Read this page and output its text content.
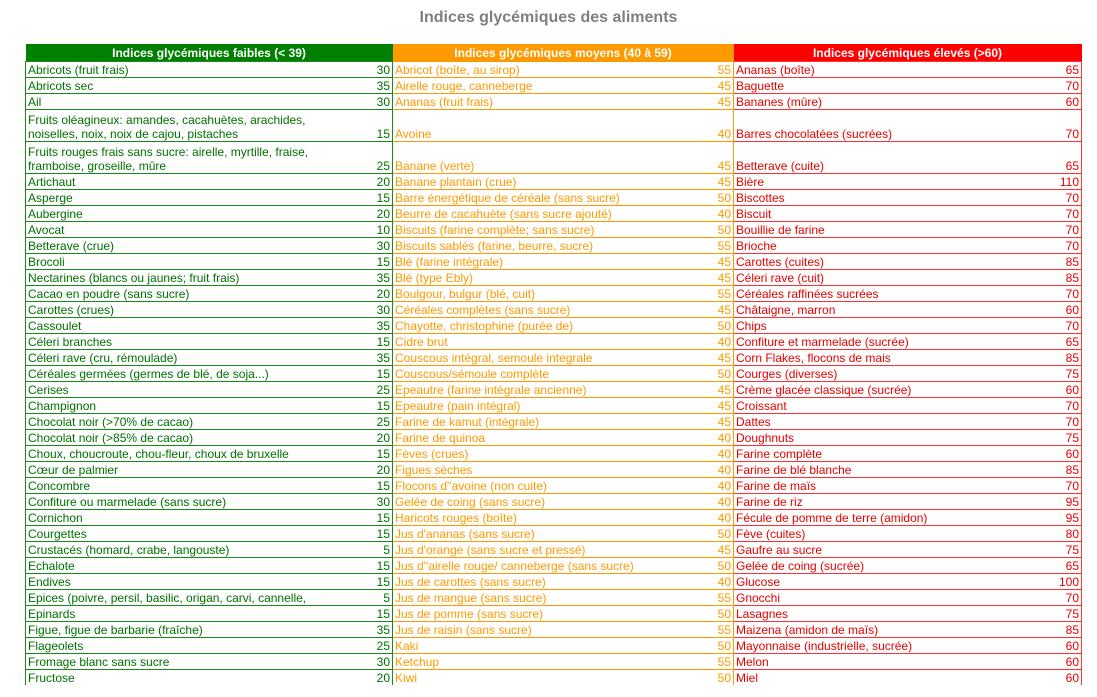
Indices glycémiques des aliments
Indices glycémiques faibles (< 39)		Indices glycémiques moyens (40 à 59)		Indices glycémiques élevés (>60)	
Abricots (fruit frais)	30	Abricot (boîte, au sirop)	55	Ananas (boîte)	65
Abricots sec	35	Airelle rouge, canneberge	45	Baguette	70
Ail	30	Ananas (fruit frais)	45	Bananes (mûre)	60
Fruits oléagineux: amandes, cacahuètes, arachides, noiselles, noix, noix de cajou, pistaches	15	Avoine	40	Barres chocolatées (sucrées)	70
Fruits rouges frais sans sucre: airelle, myrtille, fraise, framboise, groseille, mûre	25	Banane (verte)	45	Betterave (cuite)	65
Artichaut	20	Banane plantain (crue)	45	Bière	110
Asperge	15	Barre énergétique de céréale (sans sucre)	50	Biscottes	70
Aubergine	20	Beurre de cacahuète (sans sucre ajouté)	40	Biscuit	70
Avocat	10	Biscuits (farine complète; sans sucre)	50	Bouillie de farine	70
Betterave (crue)	30	Biscuits sablés (farine, beurre, sucre)	55	Brioche	70
Brocoli	15	Blé (farine intégrale)	45	Carottes (cuites)	85
Nectarines (blancs ou jaunes; fruit frais)	35	Blé (type Ebly)	45	Céleri rave (cuit)	85
Cacao en poudre (sans sucre)	20	Boulgour, bulgur (blé, cuit)	55	Céréales raffinées sucrées	70
Carottes (crues)	30	Céréales complètes (sans sucre)	45	Châtaigne, marron	60
Cassoulet	35	Chayotte, christophine (purée de)	50	Chips	70
Céleri branches	15	Cidre brut	40	Confiture et marmelade (sucrée)	65
Céleri rave (cru, rémoulade)	35	Couscous intégral, semoule integrale	45	Corn Flakes, flocons de mais	85
Céréales germées (germes de blé, de soja...)	15	Couscous/sémoule complète	50	Courges (diverses)	75
Cerises	25	Epeautre (farine intégrale ancienne)	45	Crème glacée classique (sucrée)	60
Champignon	15	Epeautre (pain intégral)	45	Croissant	70
Chocolat noir (>70% de cacao)	25	Farine de kamut (intégrale)	45	Dattes	70
Chocolat noir (>85% de cacao)	20	Farine de quinoa	40	Doughnuts	75
Choux, choucroute, chou-fleur, choux de bruxelle	15	Fèves (crues)	40	Farine complète	60
Cœur de palmier	20	Figues sèches	40	Farine de blé blanche	85
Concombre	15	Flocons d''avoine (non cuite)	40	Farine de maïs	70
Confiture ou marmelade (sans sucre)	30	Gelée de coing (sans sucre)	40	Farine de riz	95
Cornichon	15	Haricots rouges (boîte)	40	Fécule de pomme de terre (amidon)	95
Courgettes	15	Jus d'ananas (sans sucre)	50	Fève (cuites)	80
Crustacés (homard, crabe, langouste)	5	Jus d'orange (sans sucre et pressé)	45	Gaufre au sucre	75
Echalote	15	Jus d''airelle rouge/ canneberge (sans sucre)	50	Gelée de coing (sucrée)	65
Endives	15	Jus de carottes (sans sucre)	40	Glucose	100
Epices (poivre, persil, basilic, origan, carvi, cannelle,	5	Jus de mangue (sans sucre)	55	Gnocchi	70
Epinards	15	Jus de pomme (sans sucre)	50	Lasagnes	75
Figue, figue de barbarie (fraîche)	35	Jus de raisin (sans sucre)	55	Maizena (amidon de maïs)	85
Flageolets	25	Kaki	50	Mayonnaise (industrielle, sucrée)	60
Fromage blanc sans sucre	30	Ketchup	55	Melon	60
Fructose	20	Kiwi	50	Miel	60
